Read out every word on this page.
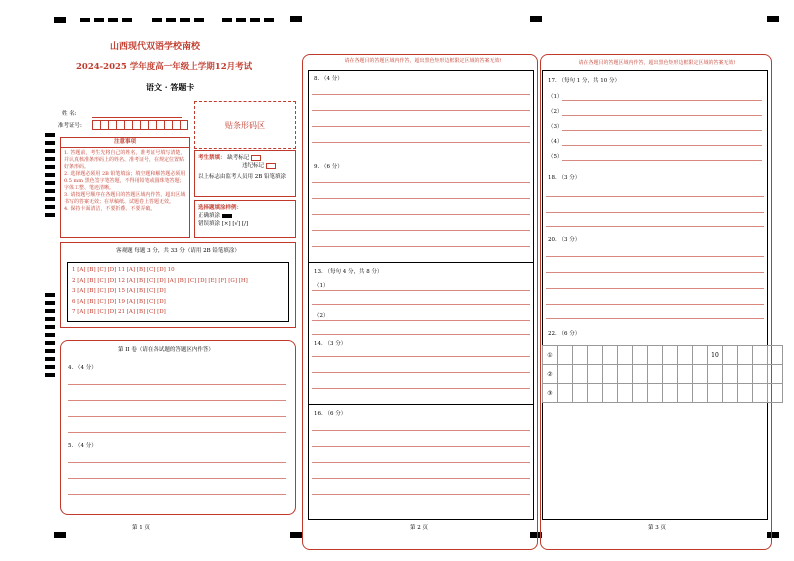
山西现代双语学校南校
2024-2025 学年度高一年级上学期12月考试
语文 · 答题卡
姓 名:
准考证号:	贴条形码区
注意事项
1. 答题前，考生先将自己的姓名，准考证号填写清楚，并认真核准条形码上的姓名、准考证号，在规定位置贴好条形码。
2. 选择题必须用 2B 铅笔填涂；填空题和解答题必须用 0.5 mm 黑色签字笔答题，不得用铅笔或圆珠笔答题；字体工整、笔迹清晰。
3. 请按题号顺序在各题目的答题区域内作答，超出区域书写的答案无效；在草稿纸、试题卷上答题无效。
4. 保持卡面清洁，不要折叠、不要弄破。
考生禁填： 缺考标记
违纪标记
以上标志由监考人员用 2B 铅笔填涂
选择题填涂样例：
正确填涂
错误填涂 [×] [√] [/]
客观题 每题 3 分，共 33 分（请用 2B 铅笔填涂）
1 [A] [B] [C] [D] 11 [A] [B] [C] [D] 10
2 [A] [B] [C] [D] 12 [A] [B] [C] [D] [A] [B] [C] [D] [E] [F] [G] [H]
3 [A] [B] [C] [D] 15 [A] [B] [C] [D]
6 [A] [B] [C] [D] 19 [A] [B] [C] [D]
7 [A] [B] [C] [D] 21 [A] [B] [C] [D]
第 II 卷（请在各试题的答题区内作答）
4. （4 分）
5. （4 分）
第 1 页
请在各题目的答题区域内作答，超出黑色矩形边框限定区域的答案无效!
8. （4 分）
9. （6 分）
13. （每句 4 分，共 8 分）
（1）
（2）
14. （3 分）
16. （6 分）
第 2 页
请在各题目的答题区域内作答，超出黑色矩形边框限定区域的答案无效!
17. （每句 1 分，共 10 分）
（1）
（2）
（3）
（4）
（5）
18. （3 分）
20. （3 分）
22. （6 分）
①											10				
②															
③															
第 3 页
